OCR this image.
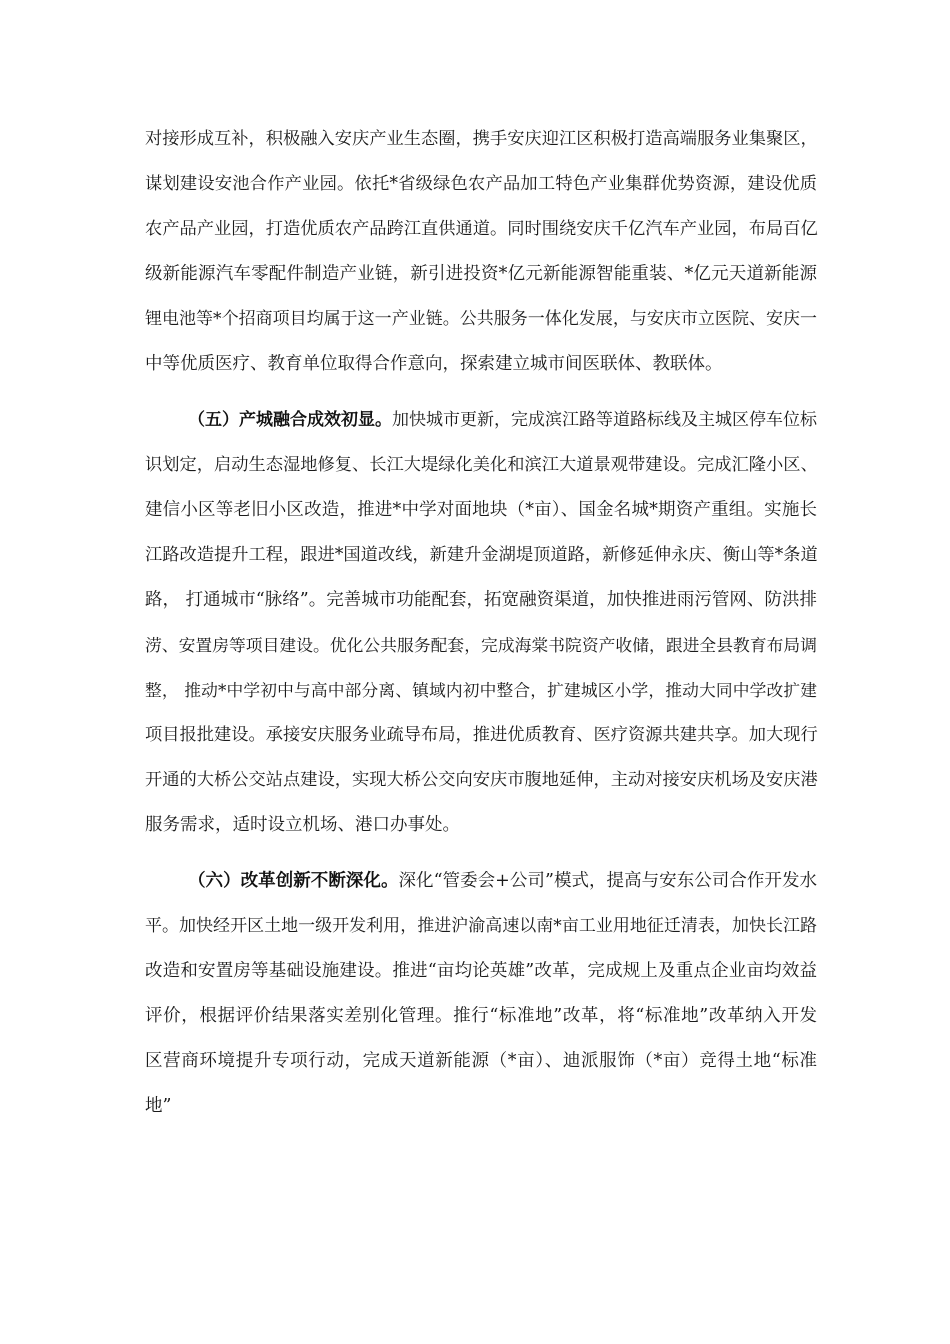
对接形成互补，积极融入安庆产业生态圈，携手安庆迎江区积极打造高端服务业集聚区，
谋划建设安池合作产业园。依托*省级绿色农产品加工特色产业集群优势资源，建设优质
农产品产业园，打造优质农产品跨江直供通道。同时围绕安庆千亿汽车产业园，布局百亿
级新能源汽车零配件制造产业链，新引进投资*亿元新能源智能重装、*亿元天道新能源
锂电池等*个招商项目均属于这一产业链。公共服务一体化发展，与安庆市立医院、安庆一
中等优质医疗、教育单位取得合作意向，探索建立城市间医联体、教联体。
（五）产城融合成效初显。加快城市更新，完成滨江路等道路标线及主城区停车位标
识划定，启动生态湿地修复、长江大堤绿化美化和滨江大道景观带建设。完成汇隆小区、
建信小区等老旧小区改造，推进*中学对面地块（*亩）、国金名城*期资产重组。实施长
江路改造提升工程，跟进*国道改线，新建升金湖堤顶道路，新修延伸永庆、衡山等*条道
路， 打通城市“脉络”。完善城市功能配套，拓宽融资渠道，加快推进雨污管网、防洪排
涝、安置房等项目建设。优化公共服务配套，完成海棠书院资产收储，跟进全县教育布局调
整， 推动*中学初中与高中部分离、镇域内初中整合，扩建城区小学，推动大同中学改扩建
项目报批建设。承接安庆服务业疏导布局，推进优质教育、医疗资源共建共享。加大现行
开通的大桥公交站点建设，实现大桥公交向安庆市腹地延伸，主动对接安庆机场及安庆港
服务需求，适时设立机场、港口办事处。
（六）改革创新不断深化。深化“管委会+公司”模式，提高与安东公司合作开发水
平。加快经开区土地一级开发利用，推进沪渝高速以南*亩工业用地征迁清表，加快长江路
改造和安置房等基础设施建设。推进“亩均论英雄”改革，完成规上及重点企业亩均效益
评价，根据评价结果落实差别化管理。推行“标准地”改革，将“标准地”改革纳入开发
区营商环境提升专项行动，完成天道新能源（*亩）、迪派服饰（*亩）竞得土地“标准
地”
